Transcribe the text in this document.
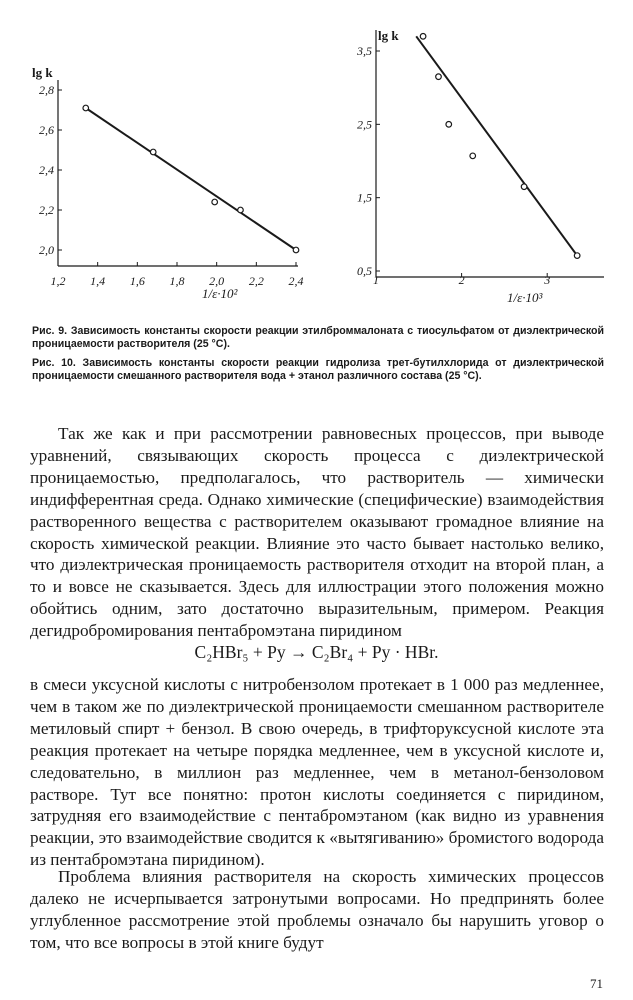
2,0
2,2
2,4
2,6
2,8
1,2 1,4 1,6 1,8 2,0 2,2 2,4
lg k
1/ε·10²
0,5
1,5
2,5
3,5
1	2	3
lg k
1/ε·10³

Рис. 9. Зависимость константы скорости реакции этилброммалоната с тиосульфатом от диэлектрической проницаемости растворителя (25 °С).

Рис. 10. Зависимость константы скорости реакции гидролиза трет-бутилхлорида от диэлектрической проницаемости смешанного растворителя вода + этанол различного состава (25 °С).

Так же как и при рассмотрении равновесных процессов, при выводе уравнений, связывающих скорость процесса с диэлектрической проницаемостью, предполагалось, что растворитель — химически индифферентная среда. Однако химические (специфические) взаимодействия растворенного вещества с растворителем оказывают громадное влияние на скорость химической реакции. Влияние это часто бывает настолько велико, что диэлектрическая проницаемость растворителя отходит на второй план, а то и вовсе не сказывается. Здесь для иллюстрации этого положения можно обойтись одним, зато достаточно выразительным, примером. Реакция дегидробромирования пентабромэтана пиридином

C₂HBr₅ + Py → C₂Br₄ + Py · HBr.

в смеси уксусной кислоты с нитробензолом протекает в 1 000 раз медленнее, чем в таком же по диэлектрической проницаемости смешанном растворителе метиловый спирт + бензол. В свою очередь, в трифторуксусной кислоте эта реакция протекает на четыре порядка медленнее, чем в уксусной кислоте и, следовательно, в миллион раз медленнее, чем в метанол-бензоловом растворе. Тут все понятно: протон кислоты соединяется с пиридином, затрудняя его взаимодействие с пентабромэтаном (как видно из уравнения реакции, это взаимодействие сводится к «вытягиванию» бромистого водорода из пентабромэтана пиридином).

Проблема влияния растворителя на скорость химических процессов далеко не исчерпывается затронутыми вопросами. Но предпринять более углубленное рассмотрение этой проблемы означало бы нарушить уговор о том, что все вопросы в этой книге будут

71
